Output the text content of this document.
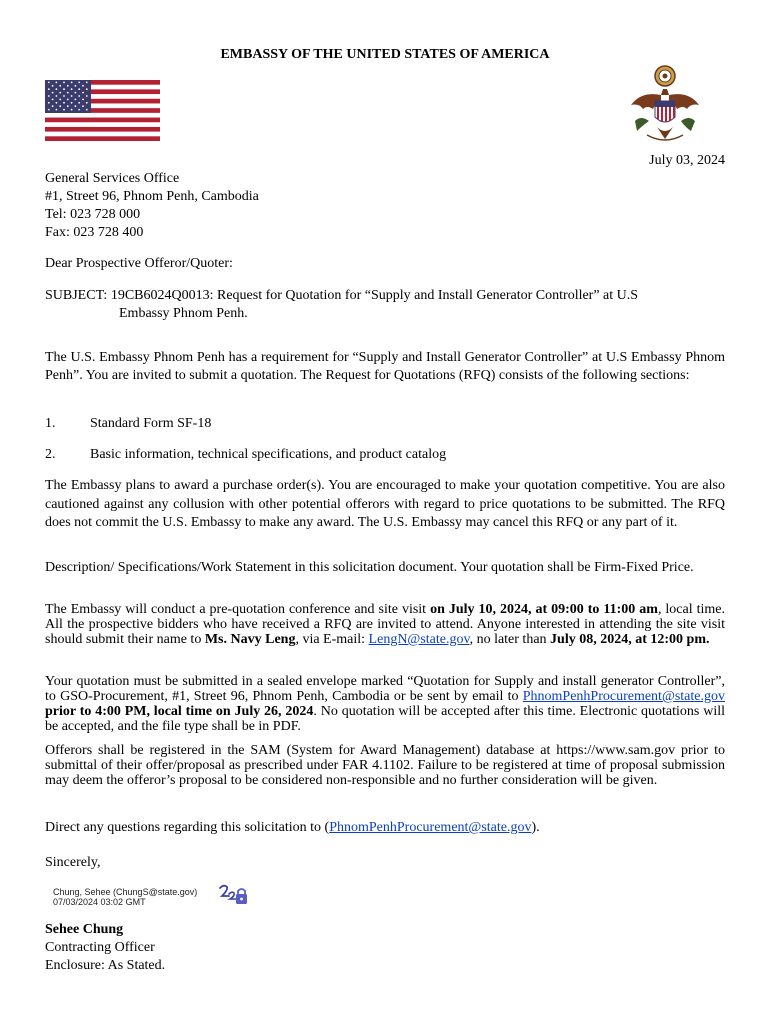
EMBASSY OF THE UNITED STATES OF AMERICA
July 03, 2024
General Services Office
#1, Street 96, Phnom Penh, Cambodia
Tel: 023 728 000
Fax: 023 728 400
Dear Prospective Offeror/Quoter:
SUBJECT: 19CB6024Q0013: Request for Quotation for “Supply and Install Generator Controller” at U.S
Embassy Phnom Penh.
The U.S. Embassy Phnom Penh has a requirement for “Supply and Install Generator Controller” at U.S Embassy Phnom Penh”. You are invited to submit a quotation. The Request for Quotations (RFQ) consists of the following sections:
1.	Standard Form SF-18
2.	Basic information, technical specifications, and product catalog
The Embassy plans to award a purchase order(s). You are encouraged to make your quotation competitive. You are also cautioned against any collusion with other potential offerors with regard to price quotations to be submitted. The RFQ does not commit the U.S. Embassy to make any award. The U.S. Embassy may cancel this RFQ or any part of it.
Description/ Specifications/Work Statement in this solicitation document. Your quotation shall be Firm-Fixed Price.
The Embassy will conduct a pre-quotation conference and site visit on July 10, 2024, at 09:00 to 11:00 am, local time. All the prospective bidders who have received a RFQ are invited to attend. Anyone interested in attending the site visit should submit their name to Ms. Navy Leng, via E-mail: LengN@state.gov, no later than July 08, 2024, at 12:00 pm.
Your quotation must be submitted in a sealed envelope marked “Quotation for Supply and install generator Controller”, to GSO-Procurement, #1, Street 96, Phnom Penh, Cambodia or be sent by email to PhnomPenhProcurement@state.gov prior to 4:00 PM, local time on July 26, 2024. No quotation will be accepted after this time. Electronic quotations will be accepted, and the file type shall be in PDF.
Offerors shall be registered in the SAM (System for Award Management) database at https://www.sam.gov prior to submittal of their offer/proposal as prescribed under FAR 4.1102. Failure to be registered at time of proposal submission may deem the offeror’s proposal to be considered non-responsible and no further consideration will be given.
Direct any questions regarding this solicitation to (PhnomPenhProcurement@state.gov).
Sincerely,
Chung, Sehee (ChungS@state.gov)
07/03/2024 03:02 GMT
Sehee Chung
Contracting Officer
Enclosure: As Stated.
